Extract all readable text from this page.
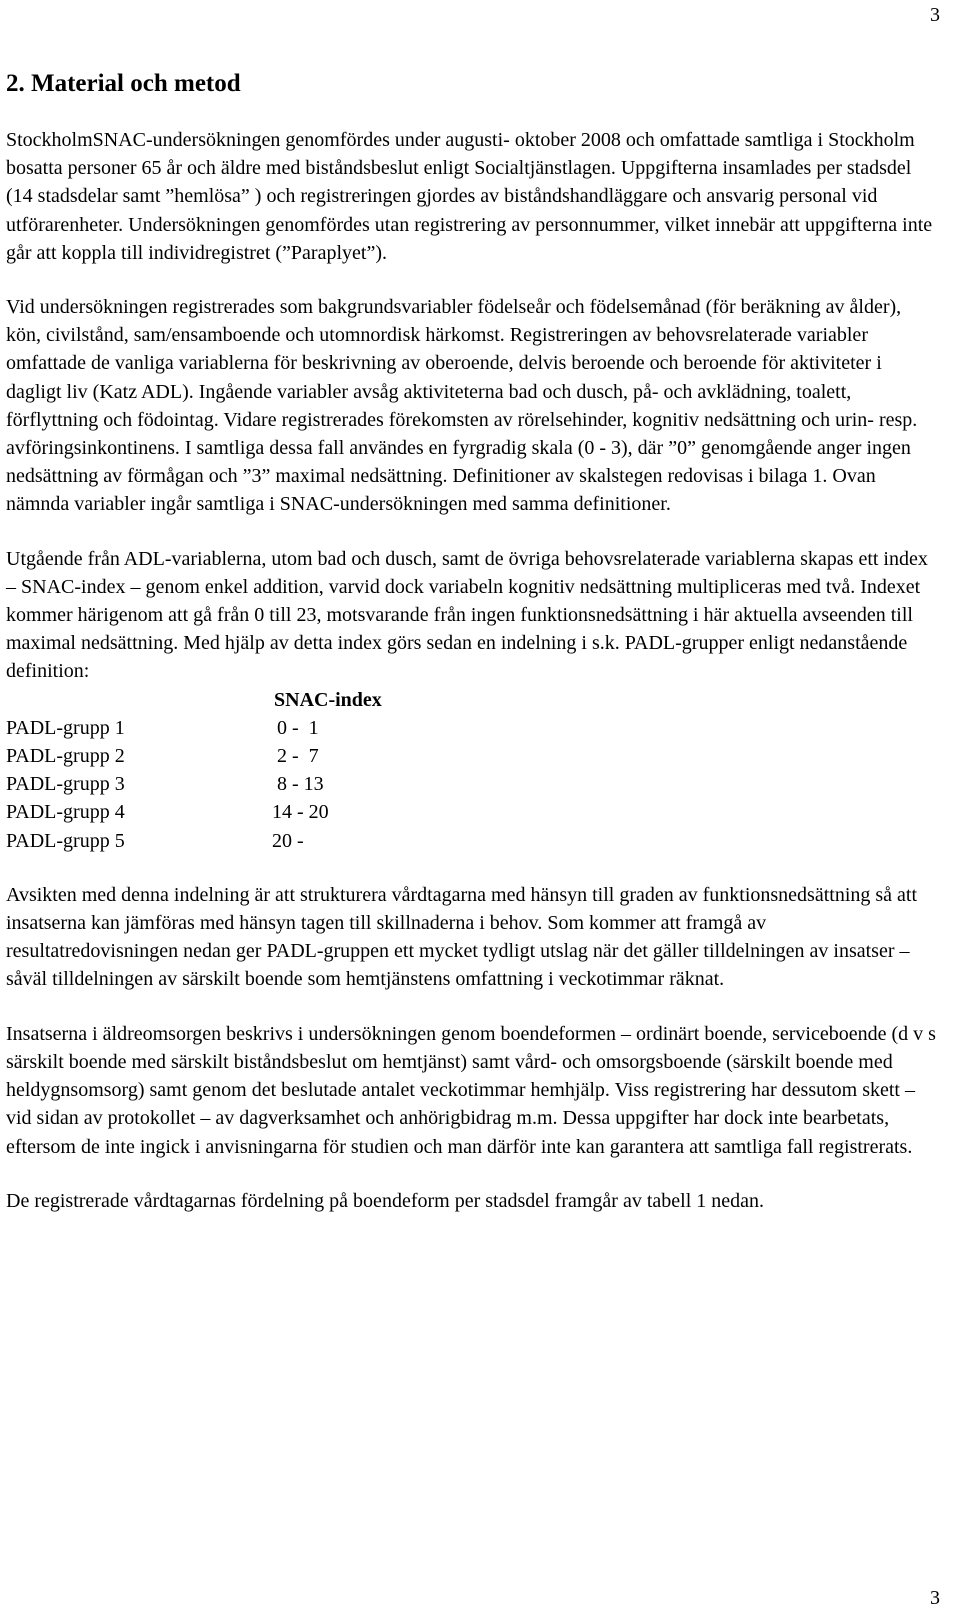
3
2. Material och metod

StockholmSNAC-undersökningen genomfördes under augusti- oktober 2008 och omfattade samtliga i Stockholm bosatta personer 65 år och äldre med biståndsbeslut enligt Socialtjänstlagen. Uppgifterna insamlades per stadsdel (14 stadsdelar samt ”hemlösa” ) och registreringen gjordes av biståndshandläggare och ansvarig personal vid utförarenheter. Undersökningen genomfördes utan registrering av personnummer, vilket innebär att uppgifterna inte går att koppla till individregistret (”Paraplyet”).

Vid undersökningen registrerades som bakgrundsvariabler födelseår och födelsemånad (för beräkning av ålder), kön, civilstånd, sam/ensamboende och utomnordisk härkomst. Registreringen av behovsrelaterade variabler omfattade de vanliga variablerna för beskrivning av oberoende, delvis beroende och beroende för aktiviteter i dagligt liv (Katz ADL). Ingående variabler avsåg aktiviteterna bad och dusch, på- och avklädning, toalett, förflyttning och födointag. Vidare registrerades förekomsten av rörelsehinder, kognitiv nedsättning och urin- resp. avföringsinkontinens. I samtliga dessa fall användes en fyrgradig skala (0 - 3), där ”0” genomgående anger ingen nedsättning av förmågan och ”3” maximal nedsättning. Definitioner av skalstegen redovisas i bilaga 1. Ovan nämnda variabler ingår samtliga i SNAC-undersökningen med samma definitioner.

Utgående från ADL-variablerna, utom bad och dusch, samt de övriga behovsrelaterade variablerna skapas ett index – SNAC-index – genom enkel addition, varvid dock variabeln kognitiv nedsättning multipliceras med två. Indexet kommer härigenom att gå från 0 till 23, motsvarande från ingen funktionsnedsättning i här aktuella avseenden till maximal nedsättning. Med hjälp av detta index görs sedan en indelning i s.k. PADL-grupper enligt nedanstående definition:

SNAC-index
PADL-grupp 1	0 -  1
PADL-grupp 2	2 -  7
PADL-grupp 3	8 - 13
PADL-grupp 4	14 - 20
PADL-grupp 5	20 -

Avsikten med denna indelning är att strukturera vårdtagarna med hänsyn till graden av funktionsnedsättning så att insatserna kan jämföras med hänsyn tagen till skillnaderna i behov. Som kommer att framgå av resultatredovisningen nedan ger PADL-gruppen ett mycket tydligt utslag när det gäller tilldelningen av insatser – såväl tilldelningen av särskilt boende som hemtjänstens omfattning i veckotimmar räknat.

Insatserna i äldreomsorgen beskrivs i undersökningen genom boendeformen – ordinärt boende, serviceboende (d v s särskilt boende med särskilt biståndsbeslut om hemtjänst) samt vård- och omsorgsboende (särskilt boende med heldygnsomsorg) samt genom det beslutade antalet veckotimmar hemhjälp. Viss registrering har dessutom skett – vid sidan av protokollet – av dagverksamhet och anhörigbidrag m.m. Dessa uppgifter har dock inte bearbetats, eftersom de inte ingick i anvisningarna för studien och man därför inte kan garantera att samtliga fall registrerats.

De registrerade vårdtagarnas fördelning på boendeform per stadsdel framgår av tabell 1 nedan.

3
